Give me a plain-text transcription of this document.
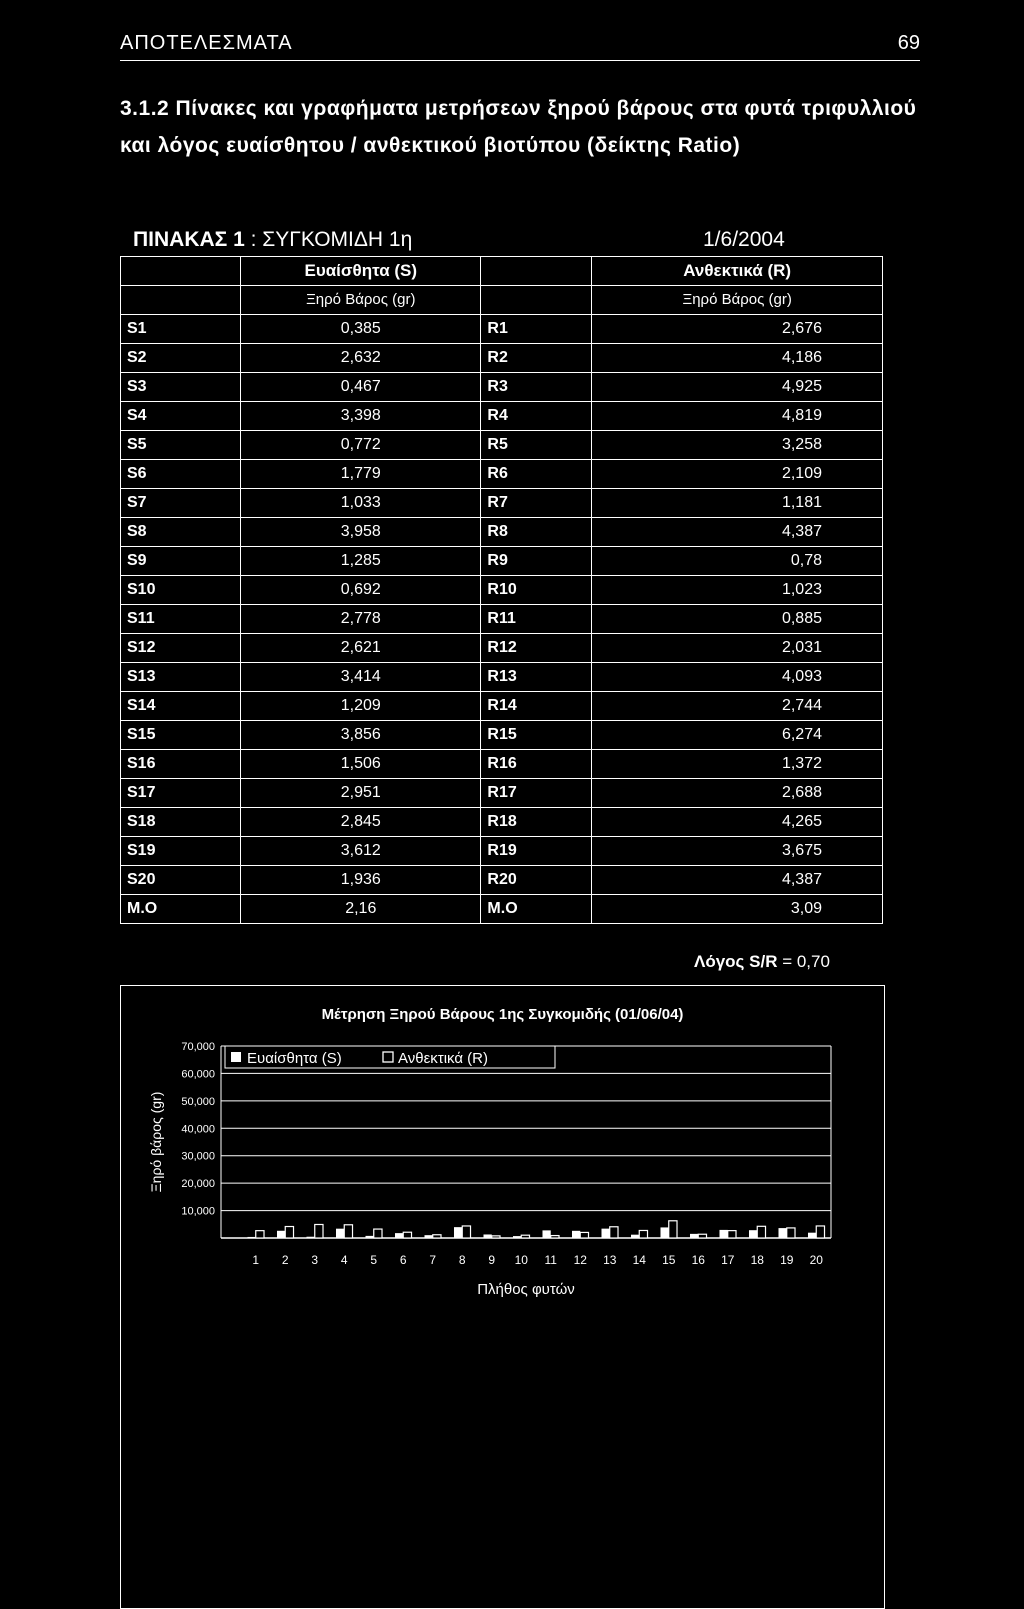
ΑΠΟΤΕΛΕΣΜΑΤΑ	69
3.1.2 Πίνακες και γραφήματα μετρήσεων ξηρού βάρους στα φυτά τριφυλλιού και λόγος ευαίσθητου / ανθεκτικού βιοτύπου (δείκτης Ratio)
ΠΙΝΑΚΑΣ 1 : ΣΥΓΚΟΜΙΔΗ 1η	1/6/2004
	Ευαίσθητα (S)		Ανθεκτικά (R)
	Ξηρό Βάρος (gr)		Ξηρό Βάρος (gr)
S1	0,385	R1	2,676
S2	2,632	R2	4,186
S3	0,467	R3	4,925
S4	3,398	R4	4,819
S5	0,772	R5	3,258
S6	1,779	R6	2,109
S7	1,033	R7	1,181
S8	3,958	R8	4,387
S9	1,285	R9	0,78
S10	0,692	R10	1,023
S11	2,778	R11	0,885
S12	2,621	R12	2,031
S13	3,414	R13	4,093
S14	1,209	R14	2,744
S15	3,856	R15	6,274
S16	1,506	R16	1,372
S17	2,951	R17	2,688
S18	2,845	R18	4,265
S19	3,612	R19	3,675
S20	1,936	R20	4,387
Μ.Ο	2,16	Μ.Ο	3,09
Λόγος S/R = 0,70
Μέτρηση Ξηρού Βάρους 1ης Συγκομιδής (01/06/04)
70,000
60,000
50,000
40,000
30,000
20,000
10,000
Ξηρό βάρος (gr)
Ευαίσθητα (S)	Ανθεκτικά (R)
1 2 3 4 5 6 7 8 9 10 11 12 13 14 15 16 17 18 19 20
Πλήθος φυτών
